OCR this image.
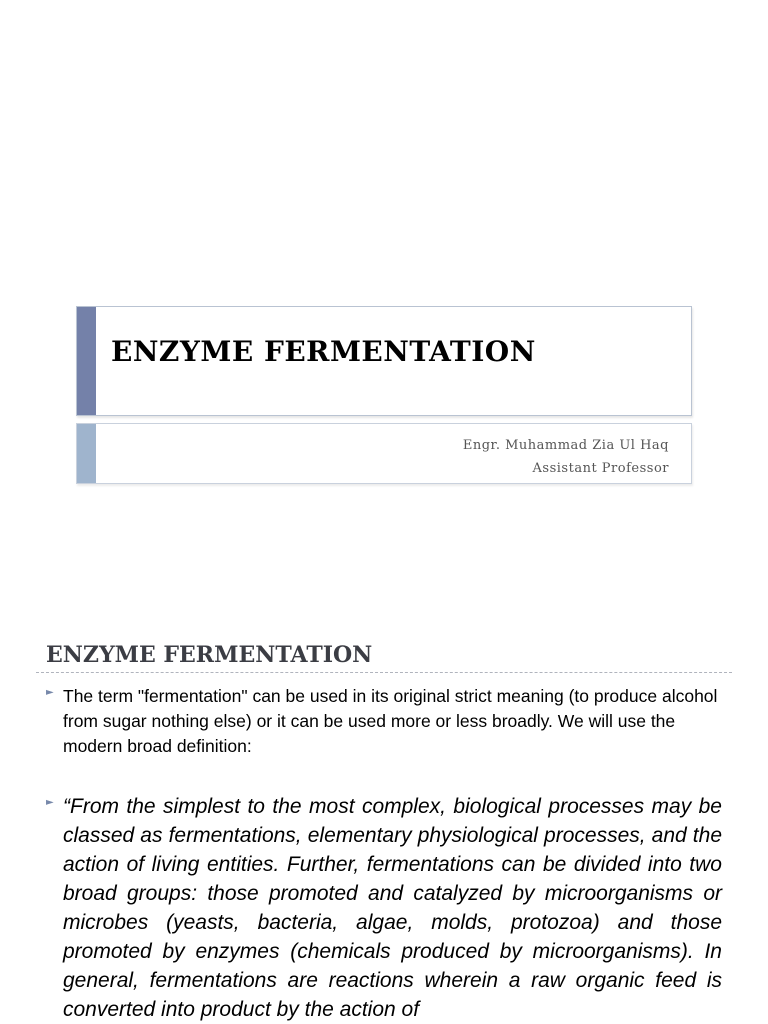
ENZYME FERMENTATION
Engr. Muhammad Zia Ul Haq
Assistant Professor
ENZYME FERMENTATION
► The term "fermentation" can be used in its original strict meaning (to produce alcohol from sugar nothing else) or it can be used more or less broadly. We will use the modern broad definition:
► “From the simplest to the most complex, biological processes may be classed as fermentations, elementary physiological processes, and the action of living entities. Further, fermentations can be divided into two broad groups: those promoted and catalyzed by microorganisms or microbes (yeasts, bacteria, algae, molds, protozoa) and those promoted by enzymes (chemicals produced by microorganisms). In general, fermentations are reactions wherein a raw organic feed is converted into product by the action of
